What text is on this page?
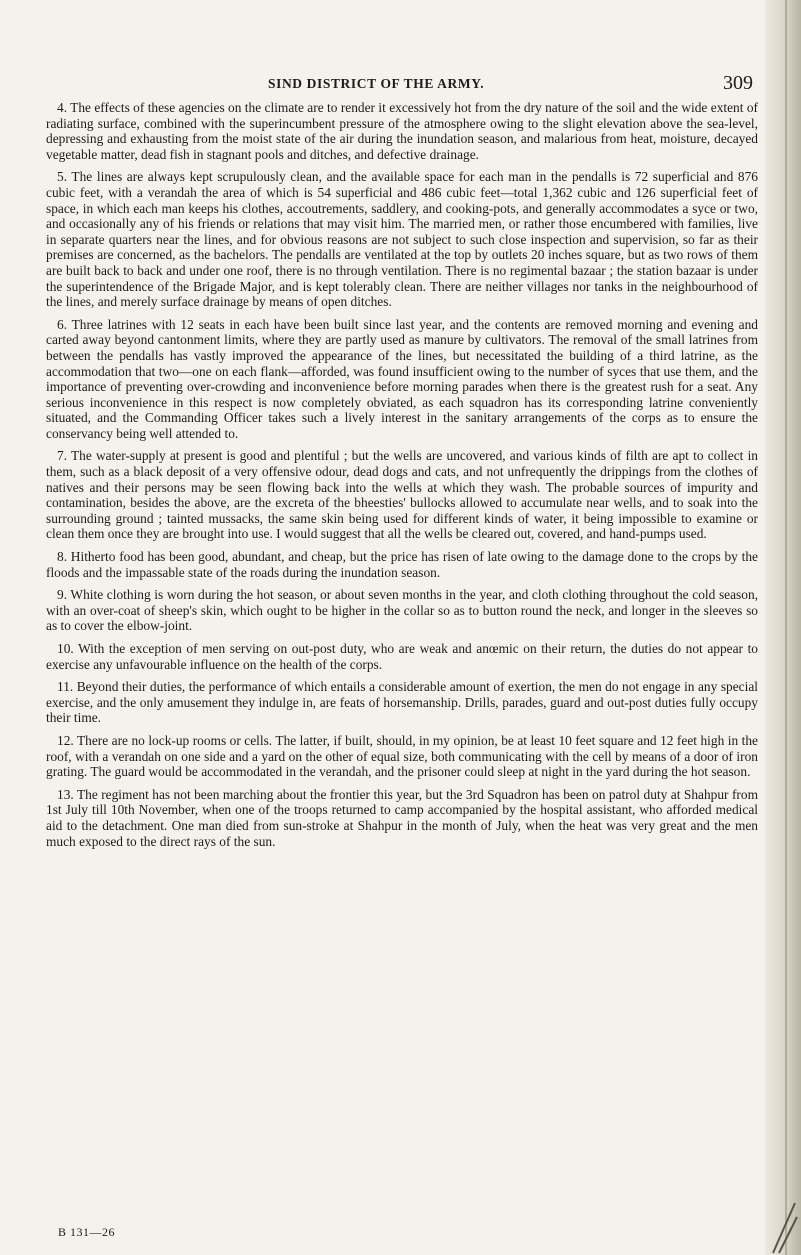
SIND DISTRICT OF THE ARMY.	309

4. The effects of these agencies on the climate are to render it excessively hot from the dry nature of the soil and the wide extent of radiating surface, combined with the superincumbent pressure of the atmosphere owing to the slight elevation above the sea-level, depressing and exhausting from the moist state of the air during the inundation season, and malarious from heat, moisture, decayed vegetable matter, dead fish in stagnant pools and ditches, and defective drainage.

5. The lines are always kept scrupulously clean, and the available space for each man in the pendalls is 72 superficial and 876 cubic feet, with a verandah the area of which is 54 superficial and 486 cubic feet—total 1,362 cubic and 126 superficial feet of space, in which each man keeps his clothes, accoutrements, saddlery, and cooking-pots, and generally accommodates a syce or two, and occasionally any of his friends or relations that may visit him. The married men, or rather those encumbered with families, live in separate quarters near the lines, and for obvious reasons are not subject to such close inspection and supervision, so far as their premises are concerned, as the bachelors. The pendalls are ventilated at the top by outlets 20 inches square, but as two rows of them are built back to back and under one roof, there is no through ventilation. There is no regimental bazaar ; the station bazaar is under the superintendence of the Brigade Major, and is kept tolerably clean. There are neither villages nor tanks in the neighbourhood of the lines, and merely surface drainage by means of open ditches.

6. Three latrines with 12 seats in each have been built since last year, and the contents are removed morning and evening and carted away beyond cantonment limits, where they are partly used as manure by cultivators. The removal of the small latrines from between the pendalls has vastly improved the appearance of the lines, but necessitated the building of a third latrine, as the accommodation that two—one on each flank—afforded, was found insufficient owing to the number of syces that use them, and the importance of preventing over-crowding and inconvenience before morning parades when there is the greatest rush for a seat. Any serious inconvenience in this respect is now completely obviated, as each squadron has its corresponding latrine conveniently situated, and the Commanding Officer takes such a lively interest in the sanitary arrangements of the corps as to ensure the conservancy being well attended to.

7. The water-supply at present is good and plentiful ; but the wells are uncovered, and various kinds of filth are apt to collect in them, such as a black deposit of a very offensive odour, dead dogs and cats, and not unfrequently the drippings from the clothes of natives and their persons may be seen flowing back into the wells at which they wash. The probable sources of impurity and contamination, besides the above, are the excreta of the bheesties' bullocks allowed to accumulate near wells, and to soak into the surrounding ground ; tainted mussacks, the same skin being used for different kinds of water, it being impossible to examine or clean them once they are brought into use. I would suggest that all the wells be cleared out, covered, and hand-pumps used.

8. Hitherto food has been good, abundant, and cheap, but the price has risen of late owing to the damage done to the crops by the floods and the impassable state of the roads during the inundation season.

9. White clothing is worn during the hot season, or about seven months in the year, and cloth clothing throughout the cold season, with an over-coat of sheep's skin, which ought to be higher in the collar so as to button round the neck, and longer in the sleeves so as to cover the elbow-joint.

10. With the exception of men serving on out-post duty, who are weak and anœmic on their return, the duties do not appear to exercise any unfavourable influence on the health of the corps.

11. Beyond their duties, the performance of which entails a considerable amount of exertion, the men do not engage in any special exercise, and the only amusement they indulge in, are feats of horsemanship. Drills, parades, guard and out-post duties fully occupy their time.

12. There are no lock-up rooms or cells. The latter, if built, should, in my opinion, be at least 10 feet square and 12 feet high in the roof, with a verandah on one side and a yard on the other of equal size, both communicating with the cell by means of a door of iron grating. The guard would be accommodated in the verandah, and the prisoner could sleep at night in the yard during the hot season.

13. The regiment has not been marching about the frontier this year, but the 3rd Squadron has been on patrol duty at Shahpur from 1st July till 10th November, when one of the troops returned to camp accompanied by the hospital assistant, who afforded medical aid to the detachment. One man died from sun-stroke at Shahpur in the month of July, when the heat was very great and the men much exposed to the direct rays of the sun.

B 131—26
